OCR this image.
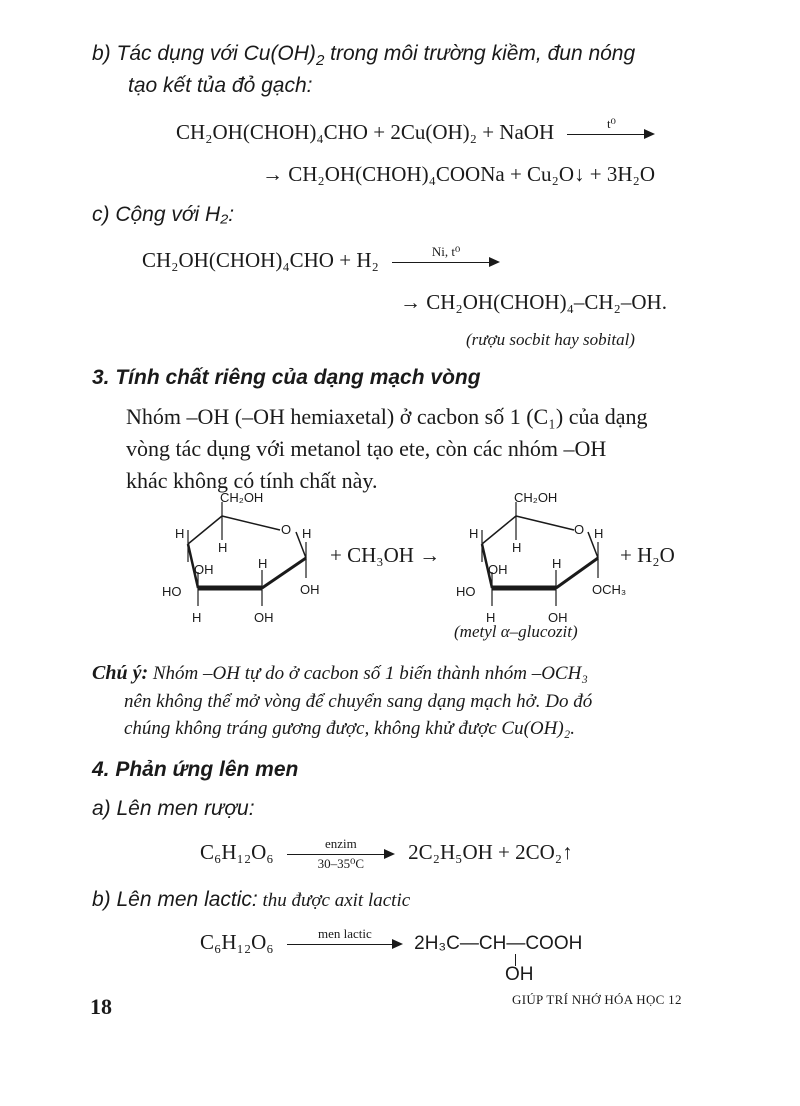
b) Tác dụng với $Cu(OH)_2$ trong môi trường kiềm, đun nóng
tạo kết tủa đỏ gạch:
CH₂OH(CHOH)₄CHO + 2Cu(OH)₂ + NaOH	t⁰
→ CH₂OH(CHOH)₄COONa + Cu₂O↓ + 3H₂O
c) Cộng với H₂:
CH₂OH(CHOH)₄CHO + H₂	Ni, t⁰
→ CH₂OH(CHOH)₄–CH₂–OH.
(rượu socbit hay sobital)
3. Tính chất riêng của dạng mạch vòng
Nhóm –OH (–OH hemiaxetal) ở cacbon số 1 (C₁) của dạng
vòng tác dụng với metanol tạo ete, còn các nhóm –OH
khác không có tính chất này.
CH₂OH
O H
H
H
OH
HO
H
OH
H	OH
+ CH₃OH →
CH₂OH
O H
H
H
OH
HO
H
OCH₃
H	OH
+ H₂O
(metyl α–glucozit)
Chú ý: Nhóm –OH tự do ở cacbon số 1 biến thành nhóm –OCH₃
nên không thể mở vòng để chuyển sang dạng mạch hở. Do đó
chúng không tráng gương được, không khử được Cu(OH)₂.
4. Phản ứng lên men
a) Lên men rượu:
C₆H₁₂O₆	enzim
30–35⁰C	2C₂H₅OH + 2CO₂↑
b) Lên men lactic: thu được axit lactic
C₆H₁₂O₆	men lactic	2H₃C—CH—COOH
OH
18	GIÚP TRÍ NHỚ HÓA HỌC 12
